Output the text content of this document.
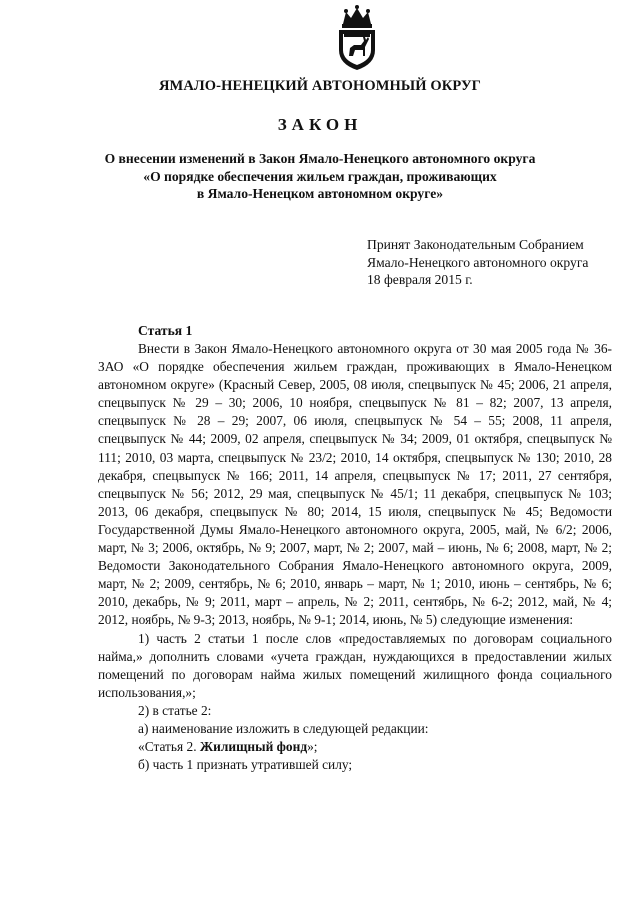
ЯМАЛО-НЕНЕЦКИЙ АВТОНОМНЫЙ ОКРУГ
ЗАКОН
О внесении изменений в Закон Ямало-Ненецкого автономного округа
«О порядке обеспечения жильем граждан, проживающих
в Ямало-Ненецком автономном округе»
Принят Законодательным Собранием
Ямало-Ненецкого автономного округа
18 февраля 2015 г.
Статья 1

Внести в Закон Ямало-Ненецкого автономного округа от 30 мая 2005 года № 36-ЗАО «О порядке обеспечения жильем граждан, проживающих в Ямало-Ненецком автономном округе» (Красный Север, 2005, 08 июля, спецвыпуск № 45; 2006, 21 апреля, спецвыпуск № 29 – 30; 2006, 10 ноября, спецвыпуск № 81 – 82; 2007, 13 апреля, спецвыпуск № 28 – 29; 2007, 06 июля, спецвыпуск № 54 – 55; 2008, 11 апреля, спецвыпуск № 44; 2009, 02 апреля, спецвыпуск № 34; 2009, 01 октября, спецвыпуск № 111; 2010, 03 марта, спецвыпуск № 23/2; 2010, 14 октября, спецвыпуск № 130; 2010, 28 декабря, спецвыпуск № 166; 2011, 14 апреля, спецвыпуск № 17; 2011, 27 сентября, спецвыпуск № 56; 2012, 29 мая, спецвыпуск № 45/1; 11 декабря, спецвыпуск № 103; 2013, 06 декабря, спецвыпуск № 80; 2014, 15 июля, спецвыпуск № 45; Ведомости Государственной Думы Ямало-Ненецкого автономного округа, 2005, май, № 6/2; 2006, март, № 3; 2006, октябрь, № 9; 2007, март, № 2; 2007, май – июнь, № 6; 2008, март, № 2; Ведомости Законодательного Собрания Ямало-Ненецкого автономного округа, 2009, март, № 2; 2009, сентябрь, № 6; 2010, январь – март, № 1; 2010, июнь – сентябрь, № 6; 2010, декабрь, № 9; 2011, март – апрель, № 2; 2011, сентябрь, № 6-2; 2012, май, № 4; 2012, ноябрь, № 9-3; 2013, ноябрь, № 9-1; 2014, июнь, № 5) следующие изменения:

1) часть 2 статьи 1 после слов «предоставляемых по договорам социального найма,» дополнить словами «учета граждан, нуждающихся в предоставлении жилых помещений по договорам найма жилых помещений жилищного фонда социального использования,»;

2) в статье 2:

а) наименование изложить в следующей редакции:

«Статья 2. Жилищный фонд»;

б) часть 1 признать утратившей силу;
